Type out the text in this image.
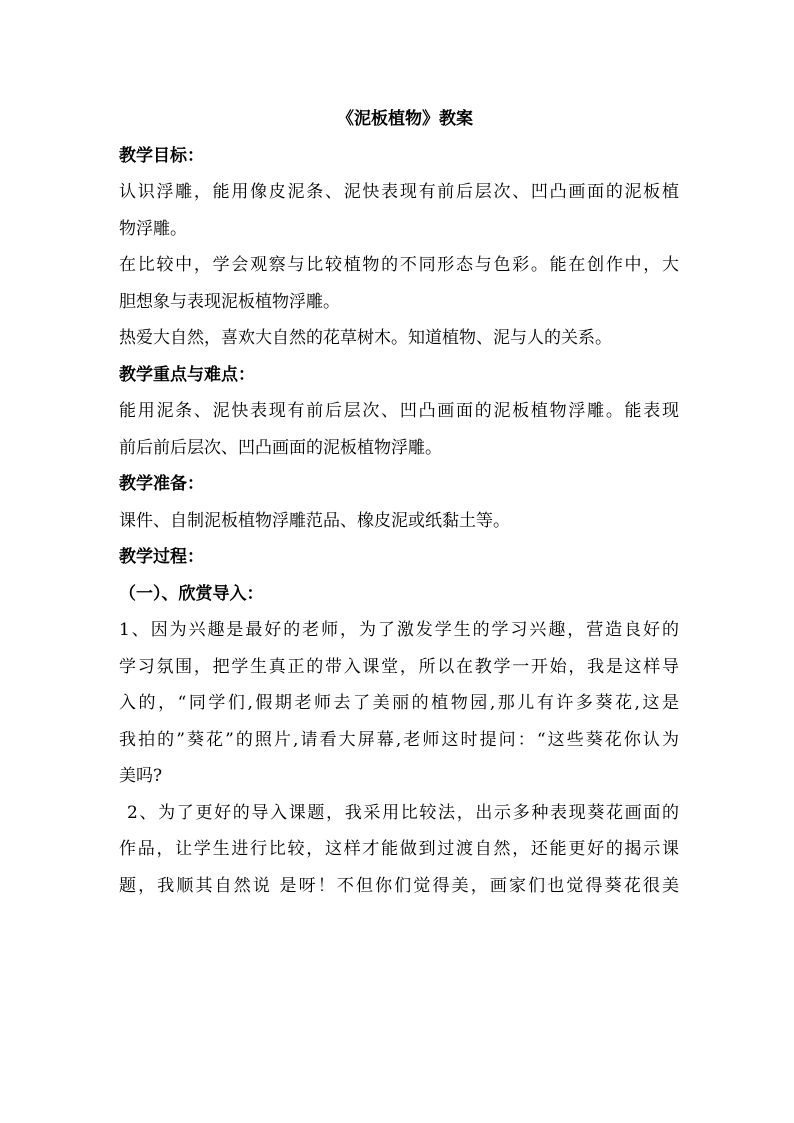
《泥板植物》教案
教学目标：
认识浮雕，能用像皮泥条、泥快表现有前后层次、凹凸画面的泥板植
物浮雕。
在比较中，学会观察与比较植物的不同形态与色彩。能在创作中，大
胆想象与表现泥板植物浮雕。
热爱大自然，喜欢大自然的花草树木。知道植物、泥与人的关系。
教学重点与难点：
能用泥条、泥快表现有前后层次、凹凸画面的泥板植物浮雕。能表现
前后前后层次、凹凸画面的泥板植物浮雕。
教学准备：
课件、自制泥板植物浮雕范品、橡皮泥或纸黏土等。
教学过程：
（一）、欣赏导入：
1、因为兴趣是最好的老师，为了激发学生的学习兴趣，营造良好的
学习氛围，把学生真正的带入课堂，所以在教学一开始，我是这样导
入的，“同学们,假期老师去了美丽的植物园,那儿有许多葵花,这是
我拍的”葵花”的照片,请看大屏幕,老师这时提问：“这些葵花你认为
美吗?
2、为了更好的导入课题，我采用比较法，出示多种表现葵花画面的
作品，让学生进行比较，这样才能做到过渡自然，还能更好的揭示课
题，我顺其自然说 是呀！不但你们觉得美，画家们也觉得葵花很美
